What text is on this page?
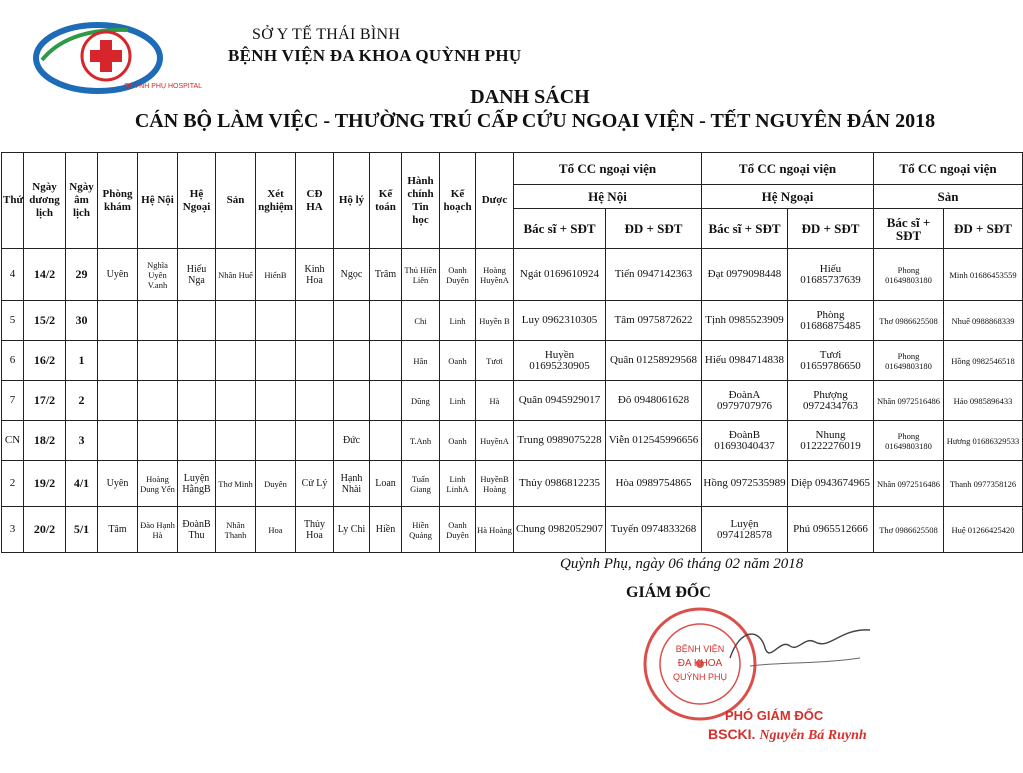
QUỲNH PHỤ HOSPITAL
SỞ Y TẾ THÁI BÌNH
BỆNH VIỆN ĐA KHOA QUỲNH PHỤ
DANH SÁCH
CÁN BỘ LÀM VIỆC - THƯỜNG TRÚ CẤP CỨU NGOẠI VIỆN - TẾT NGUYÊN ĐÁN 2018
Thứ	Ngày dương lịch	Ngày âm lịch	Phòng khám	Hệ Nội	Hệ Ngoại	Sản	Xét nghiệm	CĐ HA	Hộ lý	Kế toán	Hành chính Tin học	Kế hoạch	Dược	Tổ CC ngoại viện		Tổ CC ngoại viện		Tổ CC ngoại viện	
														Hệ Nội		Hệ Ngoại		Sản	
														Bác sĩ + SĐT	ĐD + SĐT	Bác sĩ + SĐT	ĐD + SĐT	Bác sĩ + SĐT	ĐD + SĐT
4	14/2	29	Uyên	Nghĩa Uyên V.anh	Hiếu Nga	Nhân Huế	HiểnB	Kinh Hoa	Ngọc	Trâm	Thủ Hiền Liên	Oanh Duyên	Hoàng HuyềnA	Ngát 0169610924	Tiến 0947142363	Đạt 0979098448	Hiếu 01685737639	Phong 01649803180	Minh 01686453559
5	15/2	30									Chi	Linh	Huyền B	Luy 0962310305	Tâm 0975872622	Tịnh 0985523909	Phòng 01686875485	Thơ 0986625508	Nhuế 0988868339
6	16/2	1									Hân	Oanh	Tươi	Huyền 01695230905	Quân 01258929568	Hiếu 0984714838	Tươi 01659786650	Phong 01649803180	Hồng 0982546518
7	17/2	2									Dũng	Linh	Hà	Quân 0945929017	Đô 0948061628	ĐoànA 0979707976	Phượng 0972434763	Nhân 0972516486	Hảo 0985896433
CN	18/2	3							Đức		T.Anh	Oanh	HuyềnA	Trung 0989075228	Viễn 012545996656	ĐoànB 01693040437	Nhung 01222276019	Phong 01649803180	Hương 01686329533
2	19/2	4/1	Uyên	Hoàng Dung Yến	Luyện HằngB	Thơ Minh	Duyên	Cử Lý	Hạnh Nhài	Loan	Tuấn Giang	Linh LinhA	HuyềnB Hoàng	Thủy 0986812235	Hòa 0989754865	Hồng 0972535989	Diệp 0943674965	Nhân 0972516486	Thanh 0977358126
3	20/2	5/1	Tâm	Đào Hạnh Hà	ĐoànB Thu	Nhân Thanh	Hoa	Thủy Hoa	Ly Chi	Hiền	Hiền Quảng	Oanh Duyên	Hà Hoàng	Chung 0982052907	Tuyến 0974833268	Luyện 0974128578	Phú 0965512666	Thơ 0986625508	Huệ 01266425420
Quỳnh Phụ, ngày 06 tháng 02 năm 2018
GIÁM ĐỐC
BỆNH VIỆN
ĐA KHOA
QUỲNH PHỤ
PHÓ GIÁM ĐỐC
BSCKI. Nguyễn Bá Ruynh
